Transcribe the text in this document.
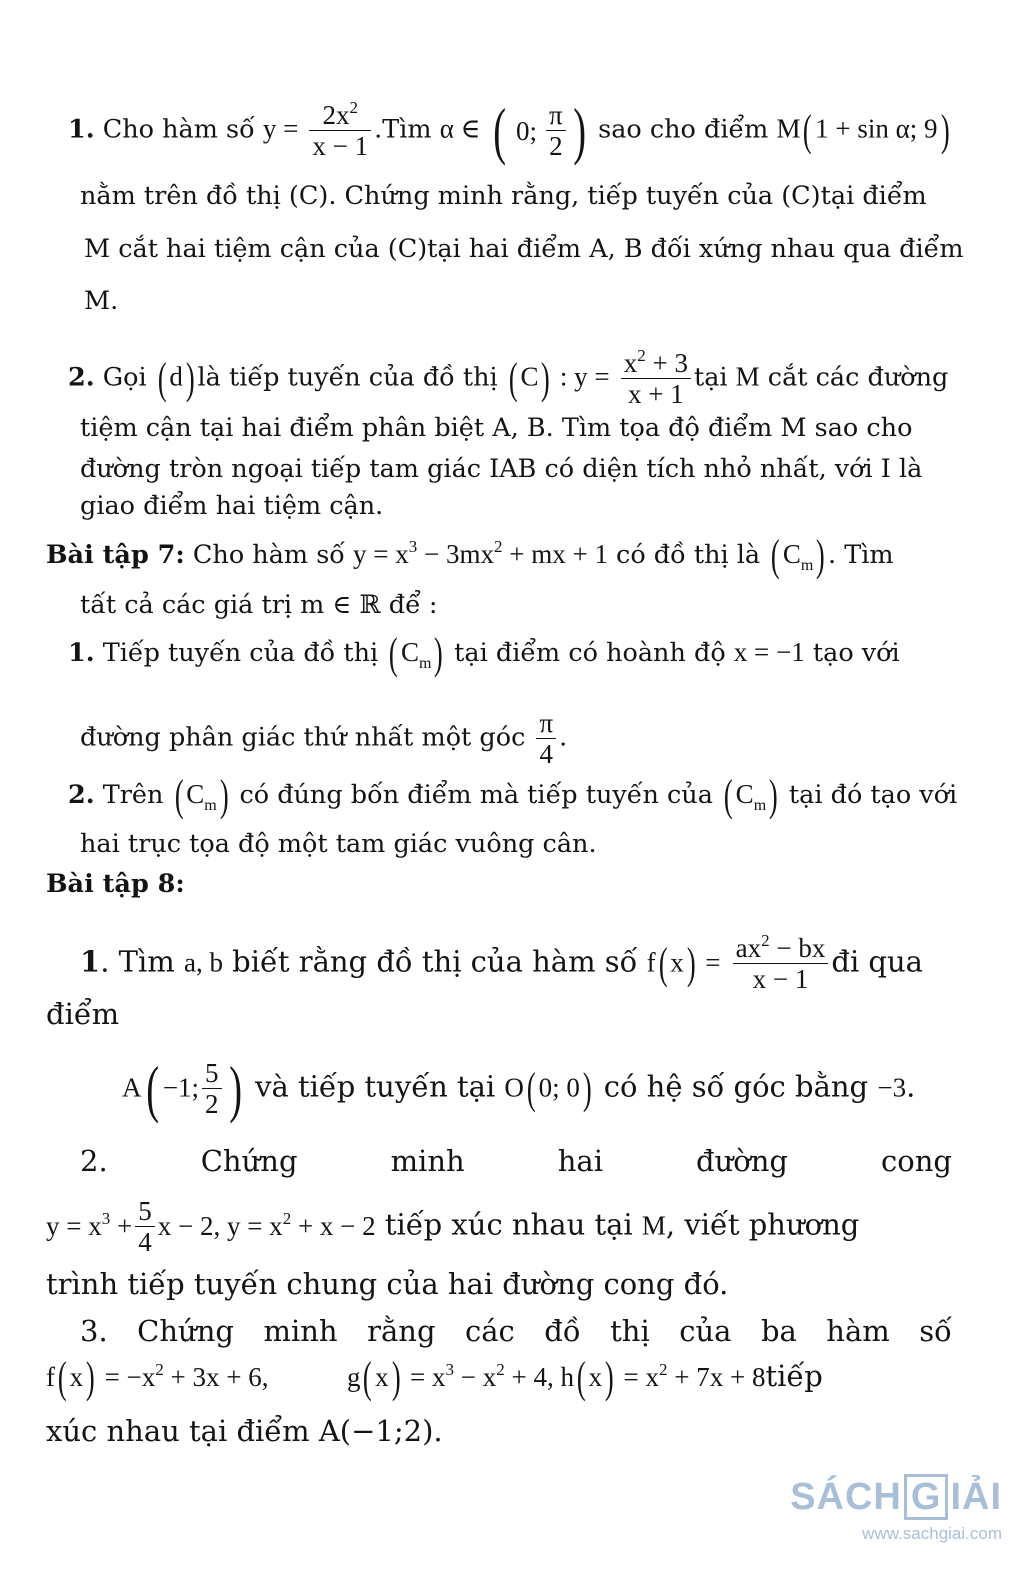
1. Cho hàm số $y = \frac{2x^2}{x - 1}$ .Tìm α ∈ ( 0; $\frac{\pi}{2}$ ) sao cho điểm M( 1 + sin α; 9)
nằm trên đồ thị (C). Chứng minh rằng, tiếp tuyến của (C)tại điểm
M cắt hai tiệm cận của (C)tại hai điểm A, B đối xứng nhau qua điểm
M.
2. Gọi ( d) là tiếp tuyến của đồ thị ( C) : $y = \frac{x^2 + 3}{x + 1}$ tại M cắt các đường
tiệm cận tại hai điểm phân biệt A, B. Tìm tọa độ điểm M sao cho
đường tròn ngoại tiếp tam giác IAB có diện tích nhỏ nhất, với I là
giao điểm hai tiệm cận.
Bài tập 7: Cho hàm số $y = x^3 - 3mx^2$ + mx + 1 có đồ thị là ( $C_m$) . Tìm
tất cả các giá trị m ∈ ℝ để :
1. Tiếp tuyến của đồ thị ( $C_m$) tại điểm có hoành độ x = −1 tạo với
đường phân giác thứ nhất một góc $\frac{\pi}{4}$ .
2. Trên ( $C_m$) có đúng bốn điểm mà tiếp tuyến của ( $C_m$) tại đó tạo với
hai trục tọa độ một tam giác vuông cân.
Bài tập 8:
1. Tìm a, b biết rằng đồ thị của hàm số f( $x) = \frac{ax^2 - bx}{x - 1}$ đi qua
điểm
A( −1; $\frac{5}{2}$ ) và tiếp tuyến tại O( 0; 0) có hệ số góc bằng −3.
2.	Chứng	minh	hai	đường	cong
$y = x^3 + \frac{5}{4}$ x − 2, $y = x^2 + x - 2$ tiếp xúc nhau tại M, viết phương
trình tiếp tuyến chung của hai đường cong đó.
3. Chứng minh rằng các đồ thị của ba hàm số
f( $x) = -x^2 + 3x + 6$,	g( $x) = x^3 - x^2 + 4$, h( $x) = x^2 + 7x$ + 8tiếp
xúc nhau tại điểm A(−1;2).
SÁCH G IẢI
www.sachgiai.com
